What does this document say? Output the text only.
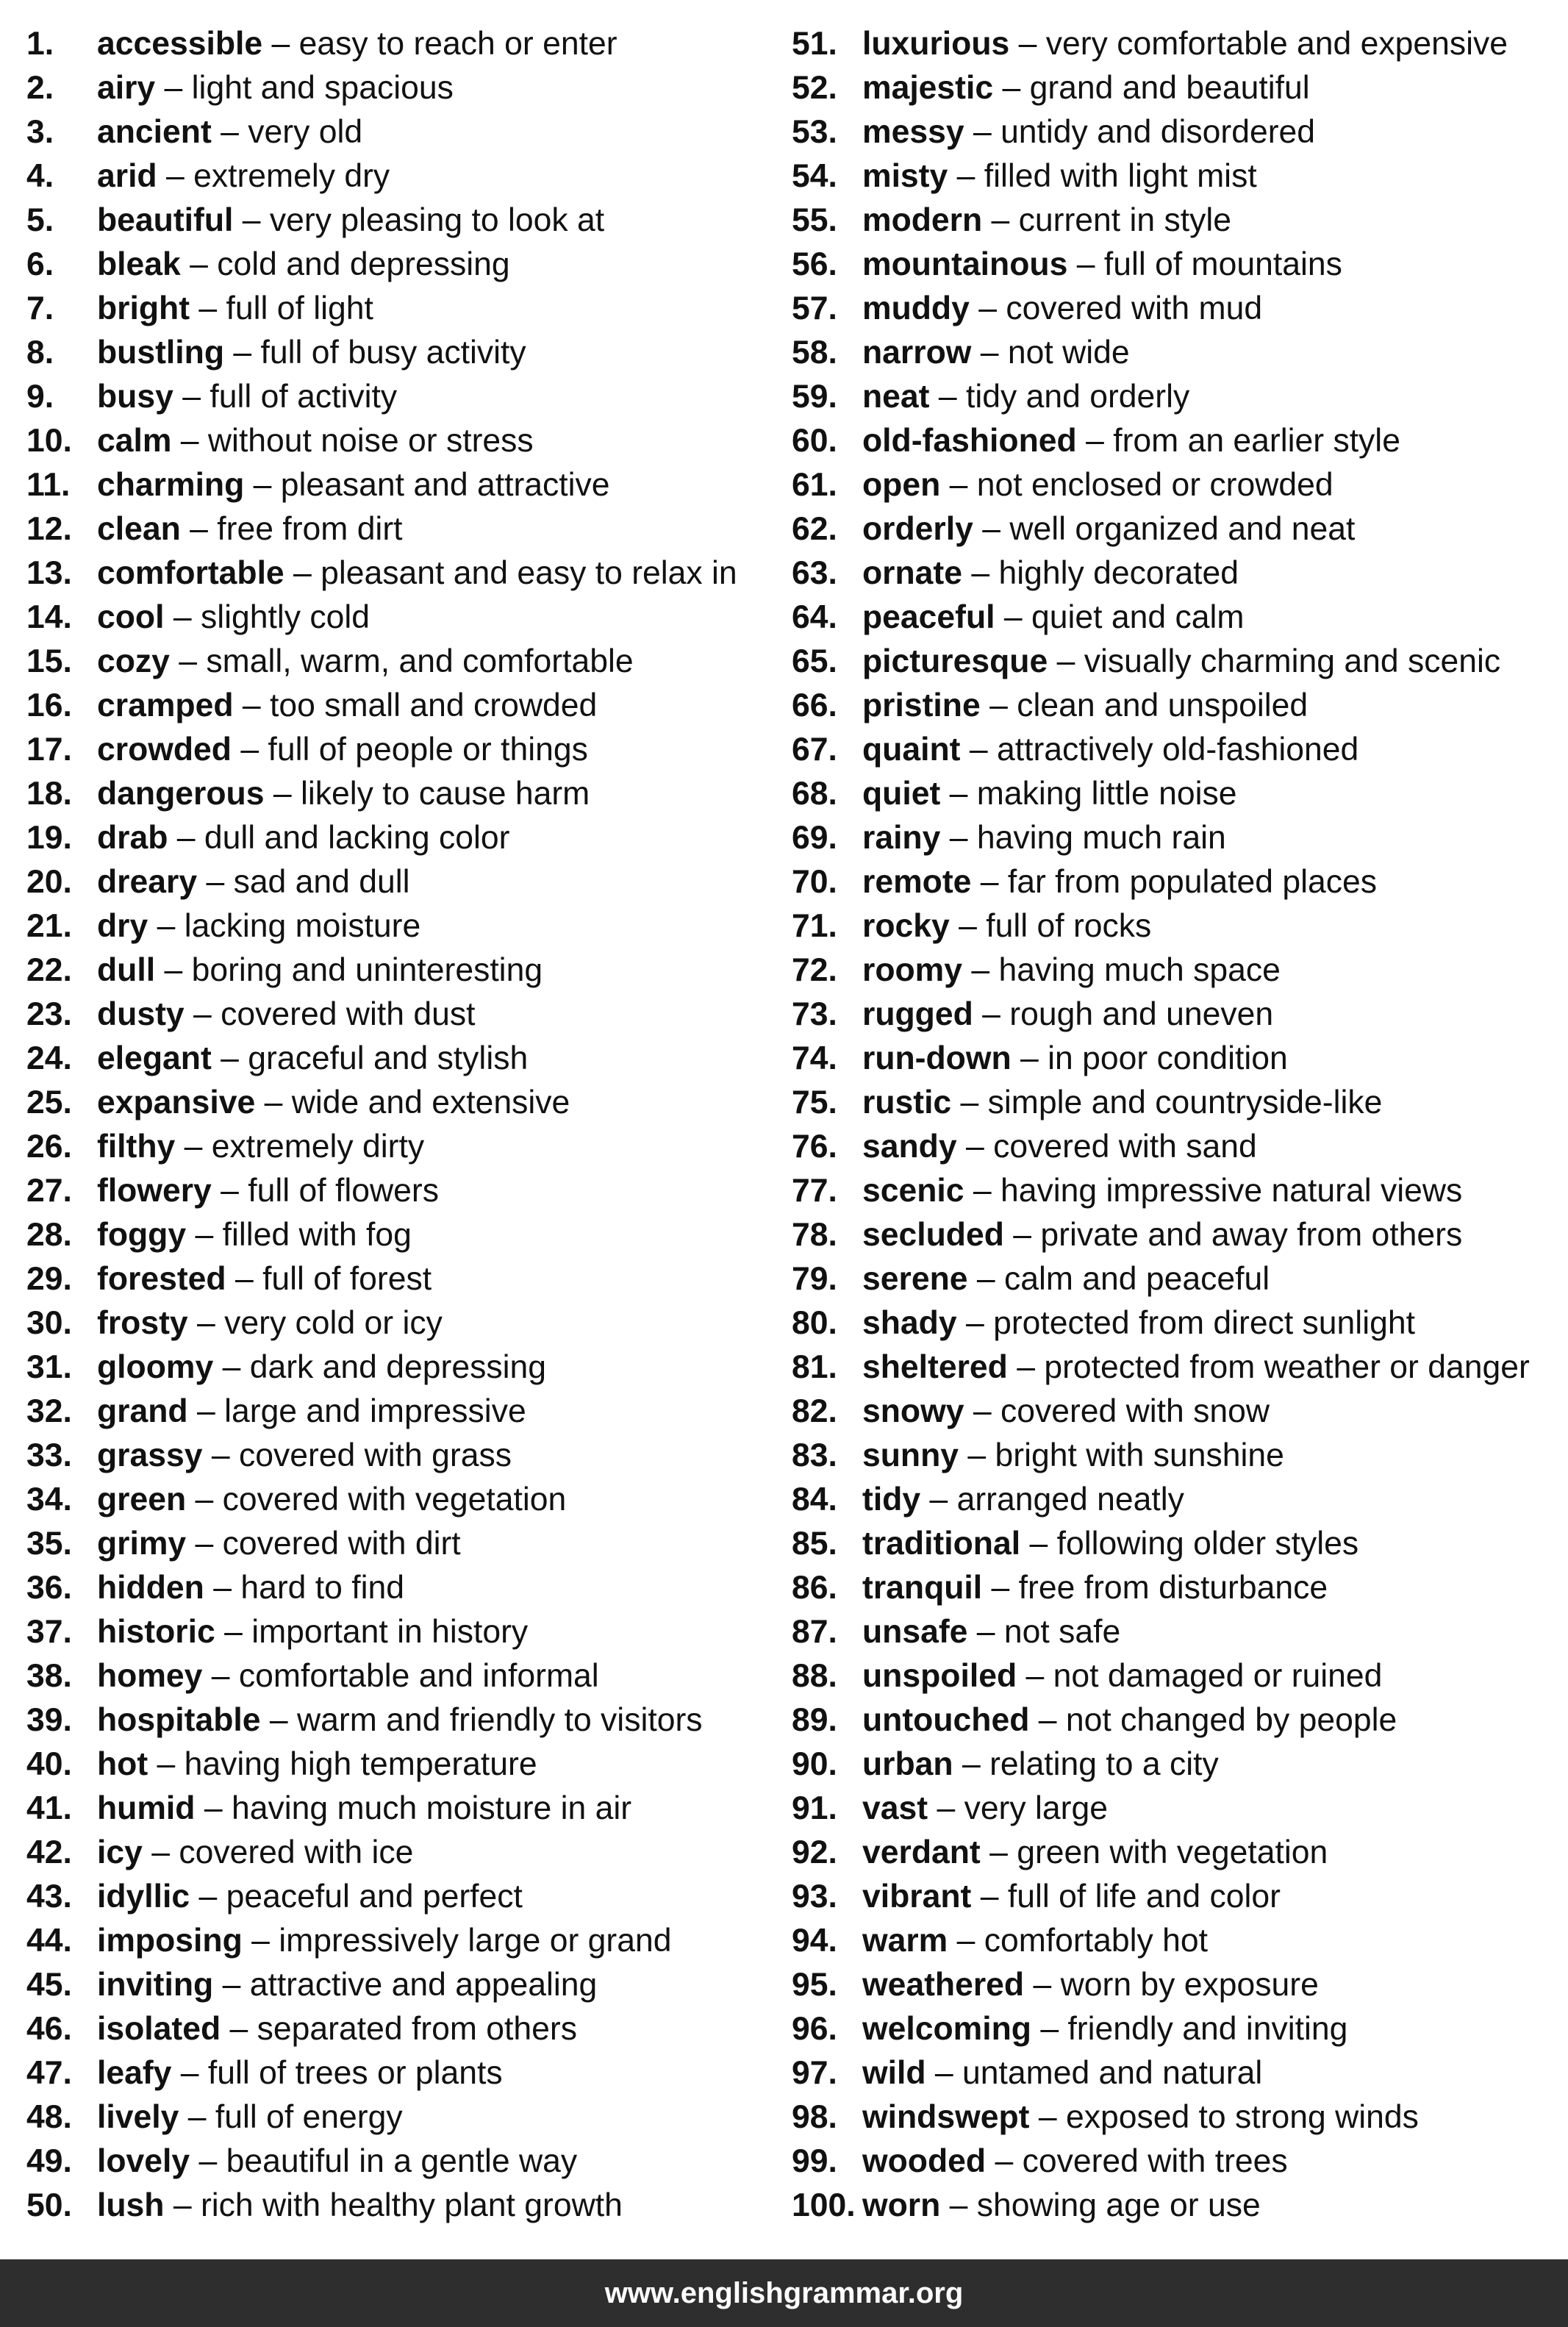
1. accessible – easy to reach or enter
2. airy – light and spacious
3. ancient – very old
4. arid – extremely dry
5. beautiful – very pleasing to look at
6. bleak – cold and depressing
7. bright – full of light
8. bustling – full of busy activity
9. busy – full of activity
10. calm – without noise or stress
11. charming – pleasant and attractive
12. clean – free from dirt
13. comfortable – pleasant and easy to relax in
14. cool – slightly cold
15. cozy – small, warm, and comfortable
16. cramped – too small and crowded
17. crowded – full of people or things
18. dangerous – likely to cause harm
19. drab – dull and lacking color
20. dreary – sad and dull
21. dry – lacking moisture
22. dull – boring and uninteresting
23. dusty – covered with dust
24. elegant – graceful and stylish
25. expansive – wide and extensive
26. filthy – extremely dirty
27. flowery – full of flowers
28. foggy – filled with fog
29. forested – full of forest
30. frosty – very cold or icy
31. gloomy – dark and depressing
32. grand – large and impressive
33. grassy – covered with grass
34. green – covered with vegetation
35. grimy – covered with dirt
36. hidden – hard to find
37. historic – important in history
38. homey – comfortable and informal
39. hospitable – warm and friendly to visitors
40. hot – having high temperature
41. humid – having much moisture in air
42. icy – covered with ice
43. idyllic – peaceful and perfect
44. imposing – impressively large or grand
45. inviting – attractive and appealing
46. isolated – separated from others
47. leafy – full of trees or plants
48. lively – full of energy
49. lovely – beautiful in a gentle way
50. lush – rich with healthy plant growth
51. luxurious – very comfortable and expensive
52. majestic – grand and beautiful
53. messy – untidy and disordered
54. misty – filled with light mist
55. modern – current in style
56. mountainous – full of mountains
57. muddy – covered with mud
58. narrow – not wide
59. neat – tidy and orderly
60. old-fashioned – from an earlier style
61. open – not enclosed or crowded
62. orderly – well organized and neat
63. ornate – highly decorated
64. peaceful – quiet and calm
65. picturesque – visually charming and scenic
66. pristine – clean and unspoiled
67. quaint – attractively old-fashioned
68. quiet – making little noise
69. rainy – having much rain
70. remote – far from populated places
71. rocky – full of rocks
72. roomy – having much space
73. rugged – rough and uneven
74. run-down – in poor condition
75. rustic – simple and countryside-like
76. sandy – covered with sand
77. scenic – having impressive natural views
78. secluded – private and away from others
79. serene – calm and peaceful
80. shady – protected from direct sunlight
81. sheltered – protected from weather or danger
82. snowy – covered with snow
83. sunny – bright with sunshine
84. tidy – arranged neatly
85. traditional – following older styles
86. tranquil – free from disturbance
87. unsafe – not safe
88. unspoiled – not damaged or ruined
89. untouched – not changed by people
90. urban – relating to a city
91. vast – very large
92. verdant – green with vegetation
93. vibrant – full of life and color
94. warm – comfortably hot
95. weathered – worn by exposure
96. welcoming – friendly and inviting
97. wild – untamed and natural
98. windswept – exposed to strong winds
99. wooded – covered with trees
100. worn – showing age or use
www.englishgrammar.org
